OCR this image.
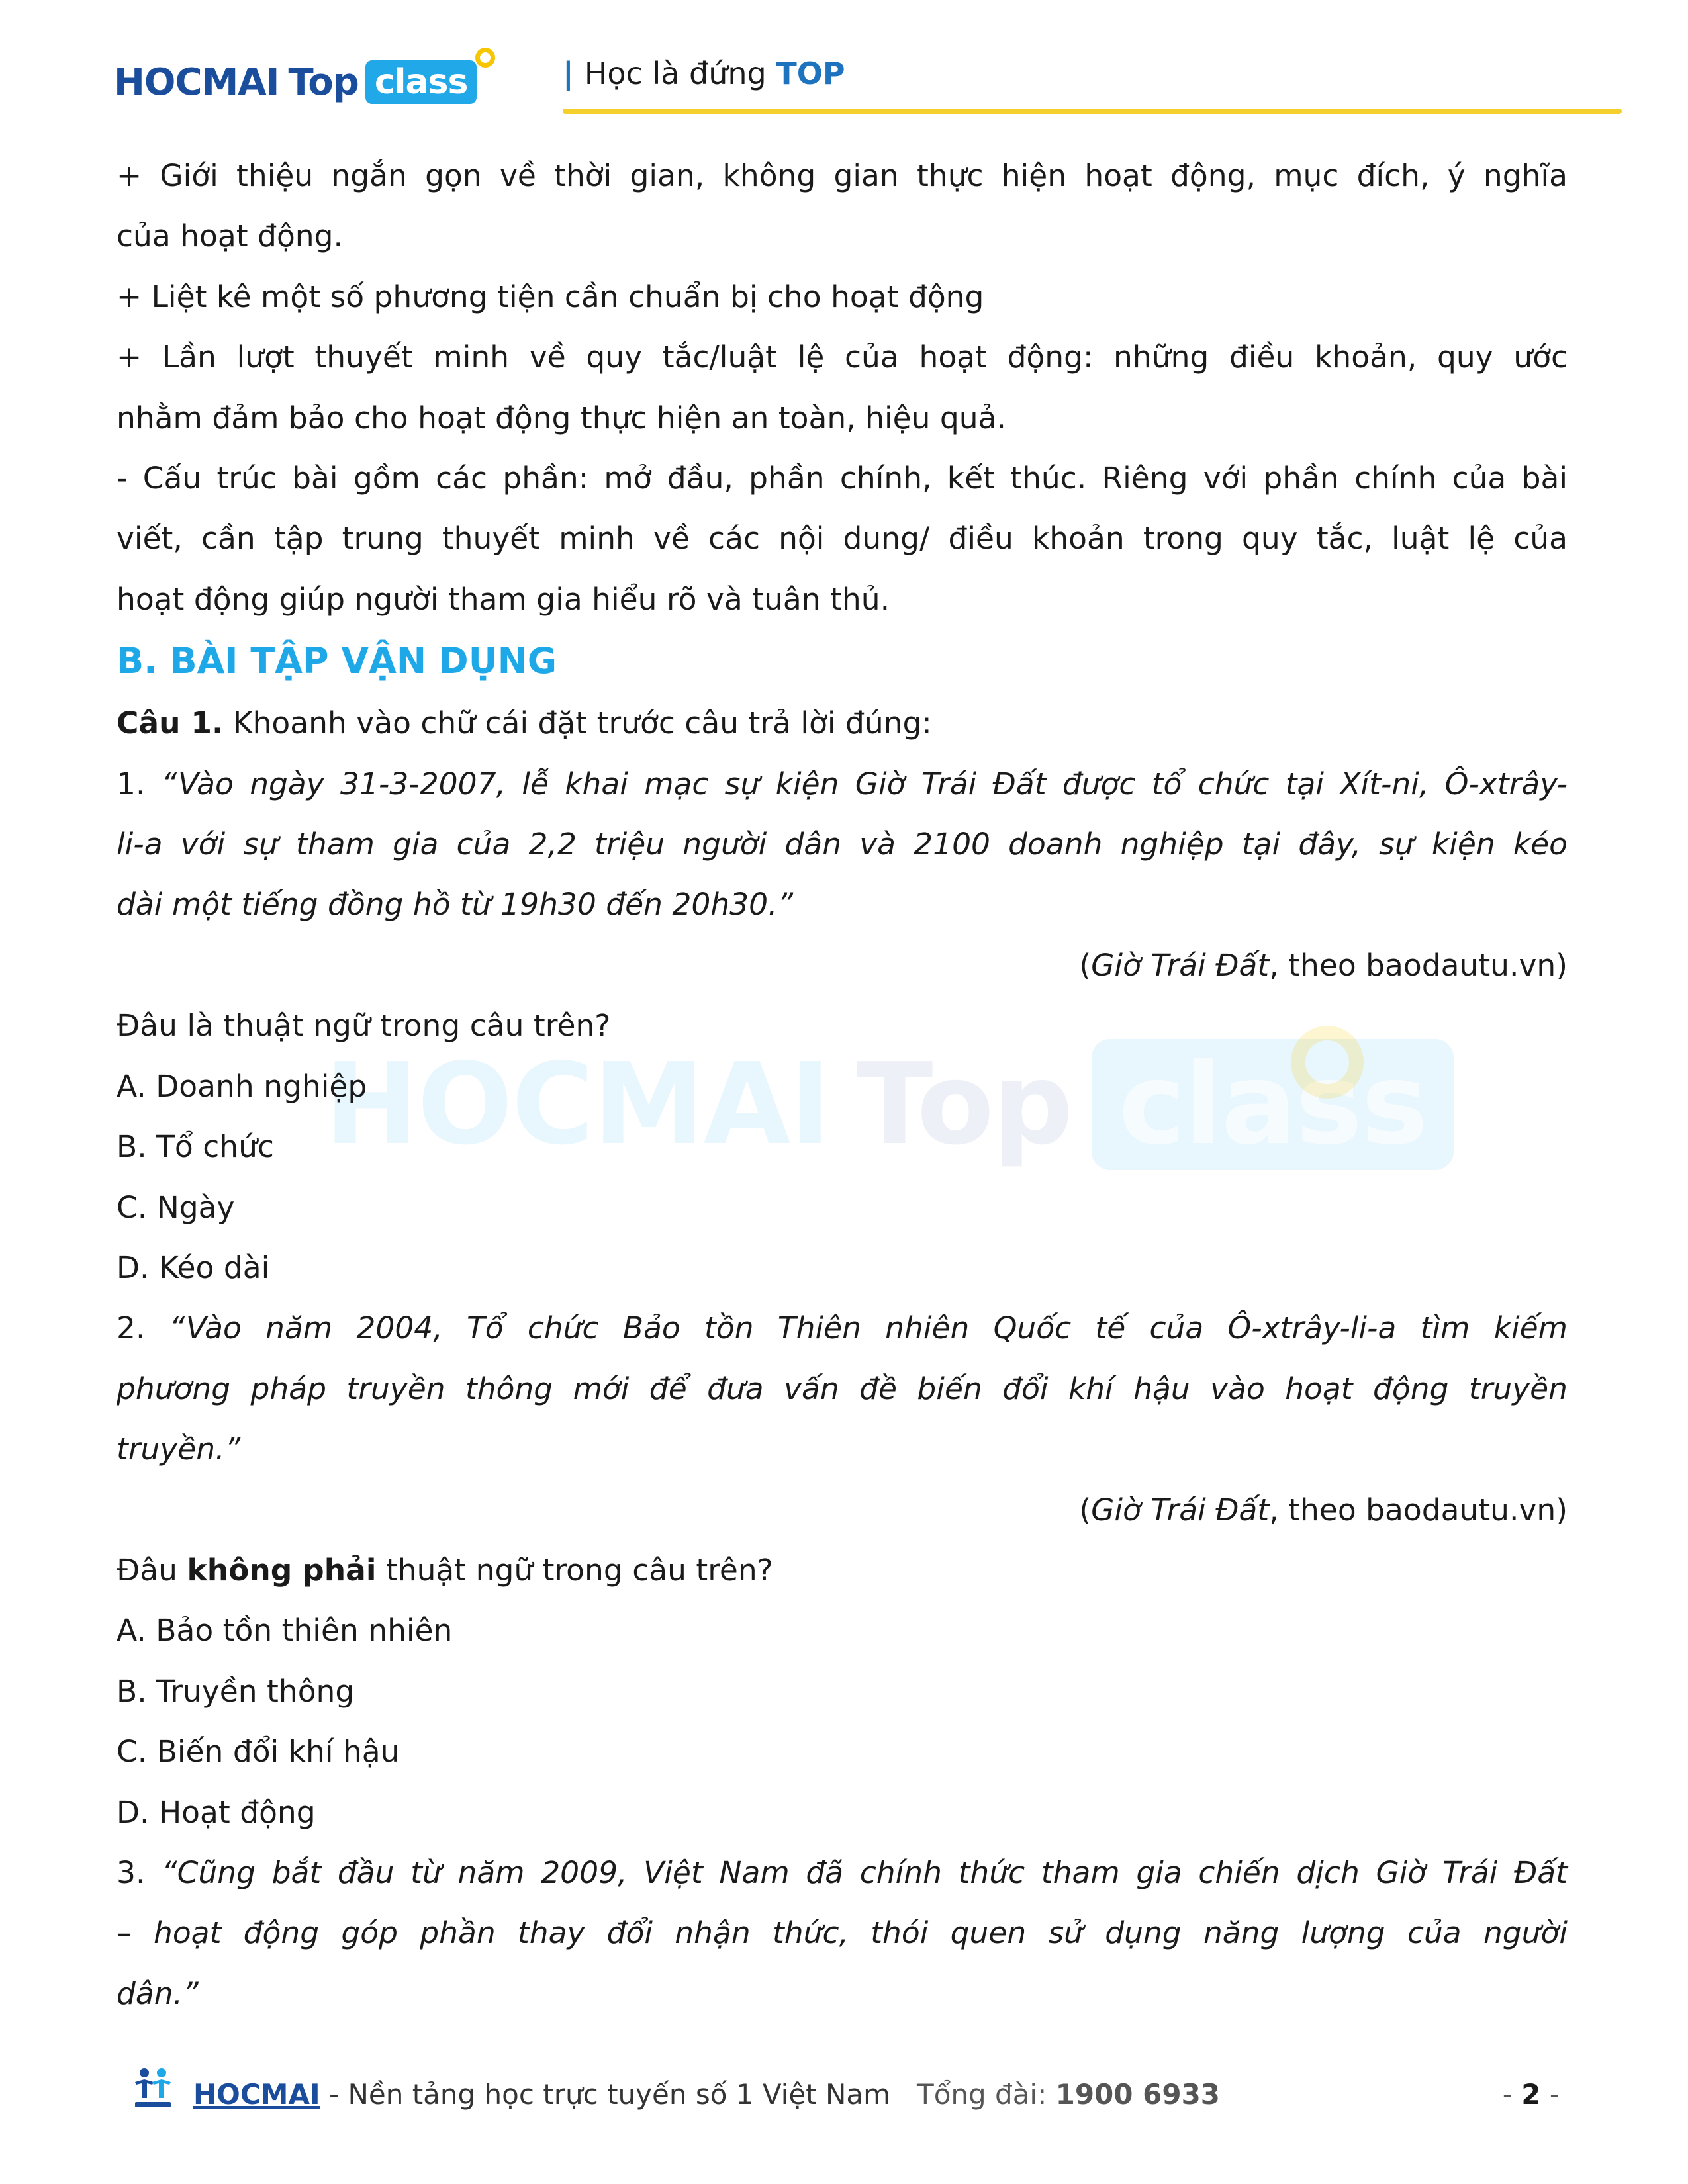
HOCMAI Top class	| Học là đứng TOP
HOCMAI Top class

+ Giới thiệu ngắn gọn về thời gian, không gian thực hiện hoạt động, mục đích, ý nghĩa

của hoạt động.

+ Liệt kê một số phương tiện cần chuẩn bị cho hoạt động

+ Lần lượt thuyết minh về quy tắc/luật lệ của hoạt động: những điều khoản, quy ước

nhằm đảm bảo cho hoạt động thực hiện an toàn, hiệu quả.

- Cấu trúc bài gồm các phần: mở đầu, phần chính, kết thúc. Riêng với phần chính của bài

viết, cần tập trung thuyết minh về các nội dung/ điều khoản trong quy tắc, luật lệ của

hoạt động giúp người tham gia hiểu rõ và tuân thủ.

B. BÀI TẬP VẬN DỤNG

Câu 1. Khoanh vào chữ cái đặt trước câu trả lời đúng:

1. “Vào ngày 31-3-2007, lễ khai mạc sự kiện Giờ Trái Đất được tổ chức tại Xít-ni, Ô-xtrây-

li-a với sự tham gia của 2,2 triệu người dân và 2100 doanh nghiệp tại đây, sự kiện kéo

dài một tiếng đồng hồ từ 19h30 đến 20h30.”

(Giờ Trái Đất, theo baodautu.vn)

Đâu là thuật ngữ trong câu trên?

A. Doanh nghiệp

B. Tổ chức

C. Ngày

D. Kéo dài

2. “Vào năm 2004, Tổ chức Bảo tồn Thiên nhiên Quốc tế của Ô-xtrây-li-a tìm kiếm

phương pháp truyền thông mới để đưa vấn đề biến đổi khí hậu vào hoạt động truyền

truyền.”

(Giờ Trái Đất, theo baodautu.vn)

Đâu không phải thuật ngữ trong câu trên?

A. Bảo tồn thiên nhiên

B. Truyền thông

C. Biến đổi khí hậu

D. Hoạt động

3. “Cũng bắt đầu từ năm 2009, Việt Nam đã chính thức tham gia chiến dịch Giờ Trái Đất

– hoạt động góp phần thay đổi nhận thức, thói quen sử dụng năng lượng của người

dân.”

HOCMAI - Nền tảng học trực tuyến số 1 Việt Nam Tổng đài: 1900 6933	- 2 -
